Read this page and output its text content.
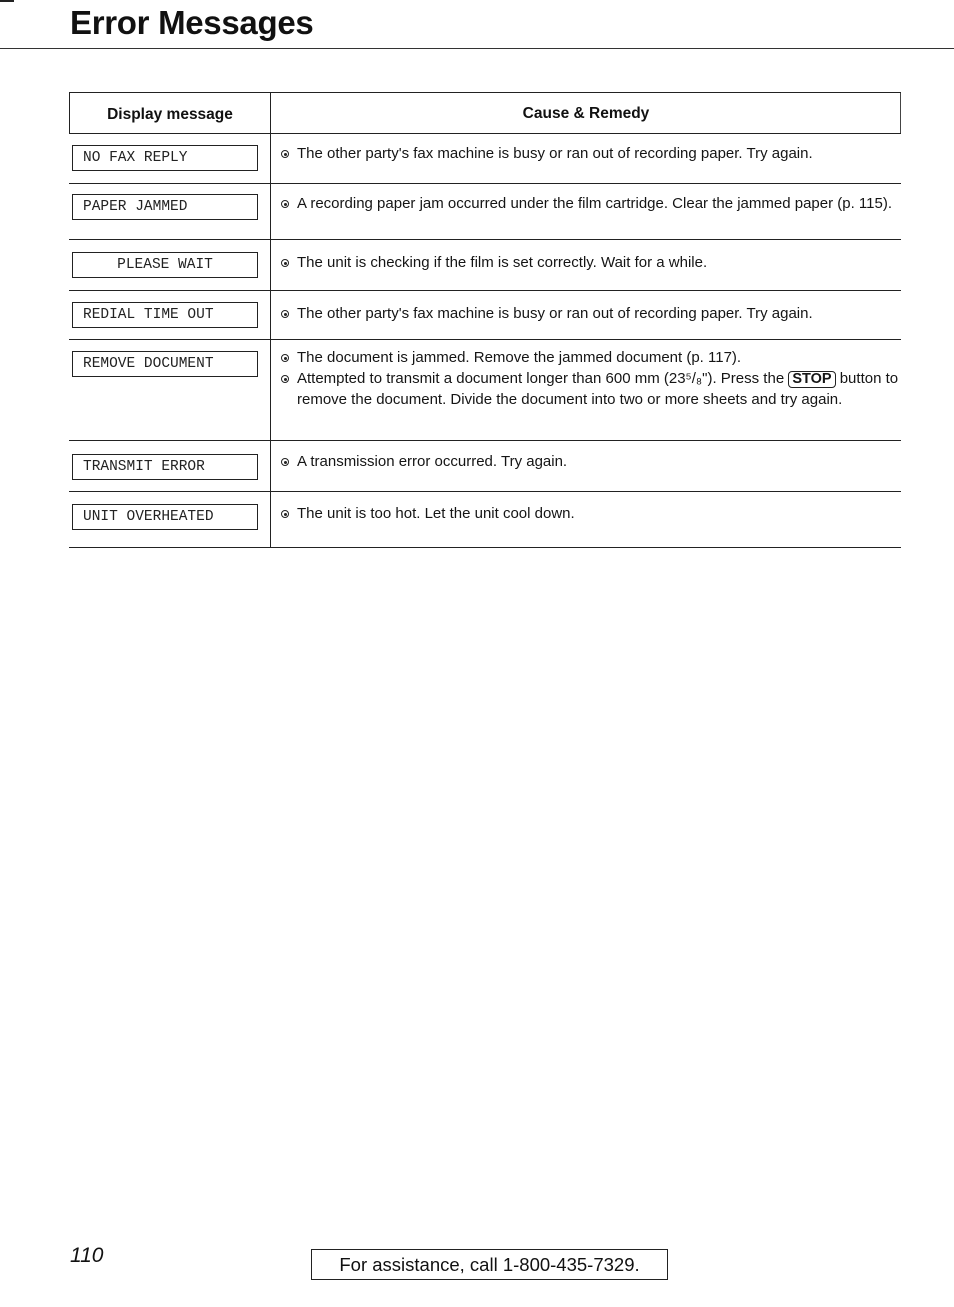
Error Messages
Display message	Cause & Remedy
NO FAX REPLY	The other party's fax machine is busy or ran out of recording paper. Try again.
PAPER JAMMED	A recording paper jam occurred under the film cartridge. Clear the jammed paper (p. 115).
PLEASE WAIT	The unit is checking if the film is set correctly. Wait for a while.
REDIAL TIME OUT	The other party's fax machine is busy or ran out of recording paper. Try again.
REMOVE DOCUMENT	The document is jammed. Remove the jammed document (p. 117).
Attempted to transmit a document longer than 600 mm (23⁵/₈"). Press the STOP button to remove the document. Divide the document into two or more sheets and try again.
TRANSMIT ERROR	A transmission error occurred. Try again.
UNIT OVERHEATED	The unit is too hot. Let the unit cool down.
110	For assistance, call 1-800-435-7329.
